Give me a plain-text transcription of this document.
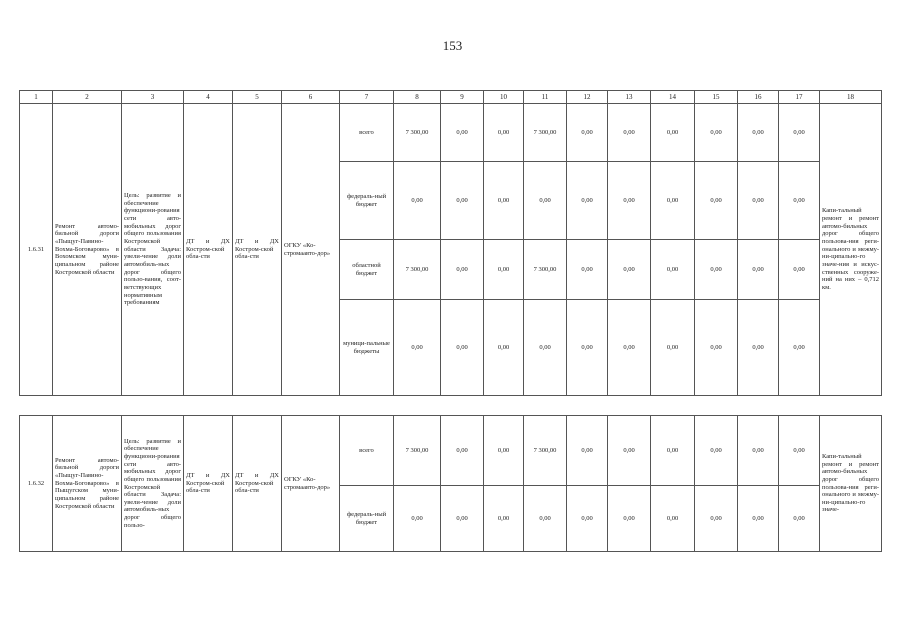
153
1	2	3	4	5	6	7	8	9	10	11	12	13	14	15	16	17	18
1.6.31	Ремонт автомо-бильной дороги «Пыщуг-Павино-Вохма-Боговарово» в Вохомском муни-ципальном районе Костромской области	Цель: развитие и обеспечение функциони-рования сети авто-мобильных дорог общего пользования Костромской области Задача: увели-чение доли автомобиль-ных дорог общего пользо-вания, соот-ветствующих нормативным требованиям	ДТ и ДХ Костром-ской обла-сти	ДТ и ДХ Костром-ской обла-сти	ОГКУ «Ко-стромаавто-дор»	всего	7 300,00	0,00	0,00	7 300,00	0,00	0,00	0,00	0,00	0,00	0,00	Капи-тальный ремонт и ремонт автомо-бильных дорог общего пользова-ния реги-онального и межму-ни-ципально-го значе-ния и искус-ственных сооруже-ний на них – 0,712 км.
						федераль-ный бюджет	0,00	0,00	0,00	0,00	0,00	0,00	0,00	0,00	0,00	0,00	
						областной бюджет	7 300,00	0,00	0,00	7 300,00	0,00	0,00	0,00	0,00	0,00	0,00	
						муници-пальные бюджеты	0,00	0,00	0,00	0,00	0,00	0,00	0,00	0,00	0,00	0,00	

1.6.32	Ремонт автомо-бильной дороги «Пыщуг-Павино-Вохма-Боговарово» в Пыщугском муни-ципальном районе Костромской области	Цель: развитие и обеспечение функциони-рования сети авто-мобильных дорог общего пользования Костромской области Задача: увели-чение доли автомобиль-ных дорог общего пользо-	ДТ и ДХ Костром-ской обла-сти	ДТ и ДХ Костром-ской обла-сти	ОГКУ «Ко-стромаавто-дор»	всего	7 300,00	0,00	0,00	7 300,00	0,00	0,00	0,00	0,00	0,00	0,00	Капи-тальный ремонт и ремонт автомо-бильных дорог общего пользова-ния реги-онального и межму-ни-ципально-го значе-
						федераль-ный бюджет	0,00	0,00	0,00	0,00	0,00	0,00	0,00	0,00	0,00	0,00	
